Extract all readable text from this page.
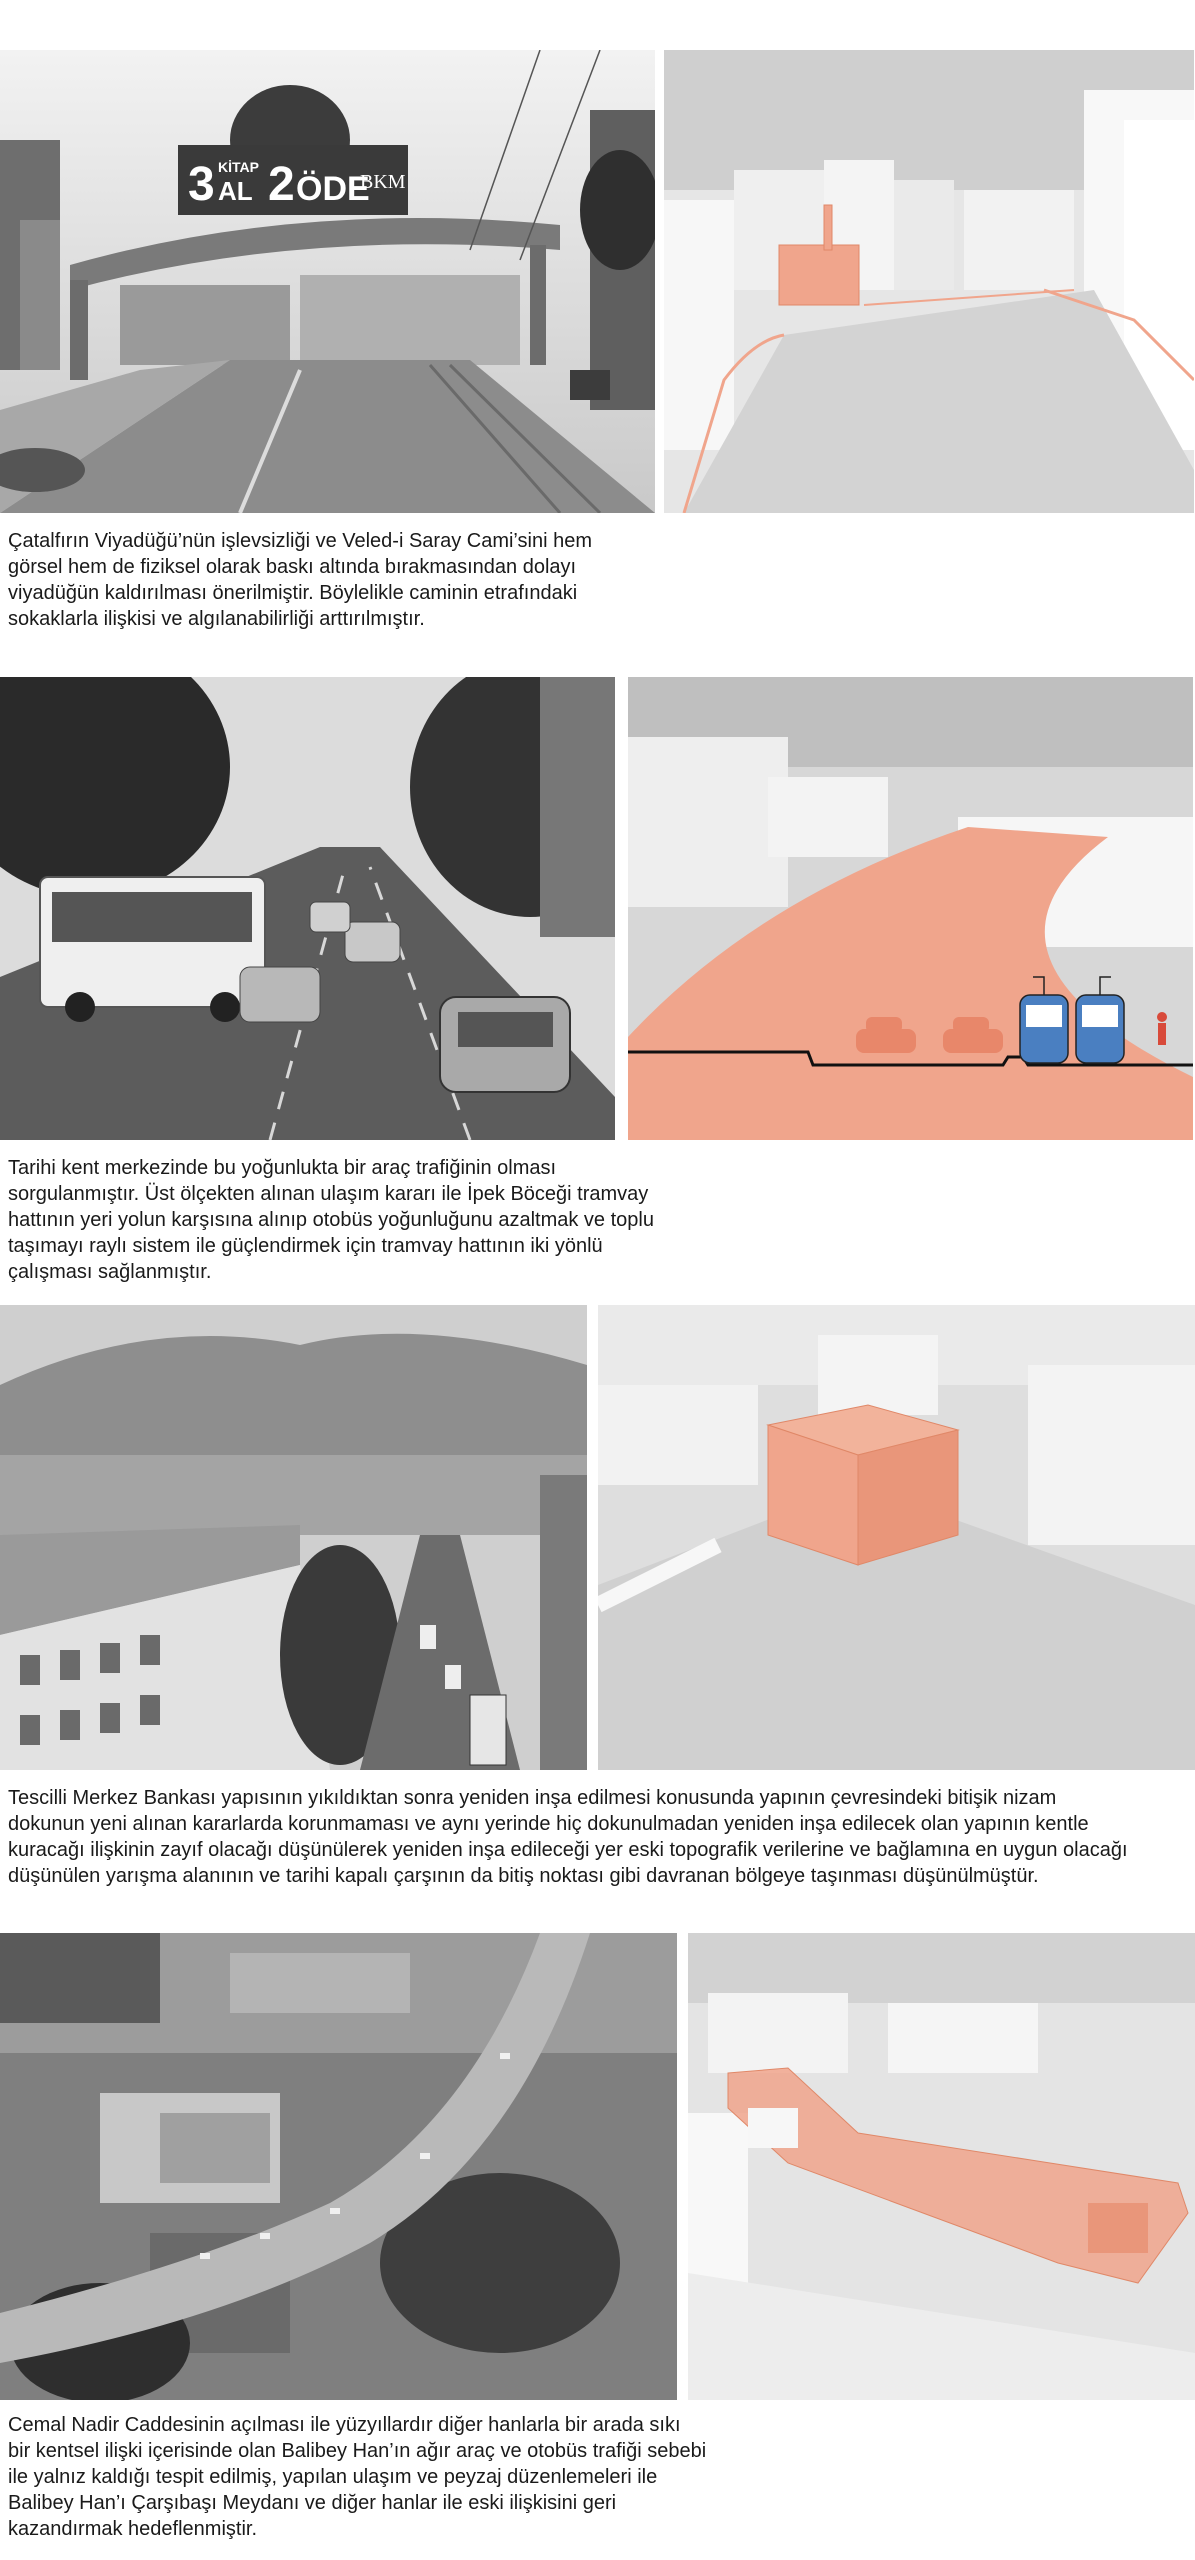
3 KİTAP
AL 2 ÖDE
BKM

Çatalfırın Viyadüğü’nün işlevsizliği ve Veled-i Saray Cami’sini hem görsel hem de fiziksel olarak baskı altında bırakmasından dolayı viyadüğün kaldırılması önerilmiştir. Böylelikle caminin etrafındaki sokaklarla ilişkisi ve algılanabilirliği arttırılmıştır.

Tarihi kent merkezinde bu yoğunlukta bir araç trafiğinin olması sorgulanmıştır. Üst ölçekten alınan ulaşım kararı ile İpek Böceği tramvay hattının yeri yolun karşısına alınıp otobüs yoğunluğunu azaltmak ve toplu taşımayı raylı sistem ile güçlendirmek için tramvay hattının iki yönlü çalışması sağlanmıştır.

Tescilli Merkez Bankası yapısının yıkıldıktan sonra yeniden inşa edilmesi konusunda yapının çevresindeki bitişik nizam dokunun yeni alınan kararlarda korunmaması ve aynı yerinde hiç dokunulmadan yeniden inşa edilecek olan yapının kentle kuracağı ilişkinin zayıf olacağı düşünülerek yeniden inşa edileceği yer eski topografik verilerine ve bağlamına en uygun olacağı düşünülen yarışma alanının ve tarihi kapalı çarşının da bitiş noktası gibi davranan bölgeye taşınması düşünülmüştür.

Cemal Nadir Caddesinin açılması ile yüzyıllardır diğer hanlarla bir arada sıkı bir kentsel ilişki içerisinde olan Balibey Han’ın ağır araç ve otobüs trafiği sebebi ile yalnız kaldığı tespit edilmiş, yapılan ulaşım ve peyzaj düzenlemeleri ile Balibey Han’ı Çarşıbaşı Meydanı ve diğer hanlar ile eski ilişkisini geri kazandırmak hedeflenmiştir.
